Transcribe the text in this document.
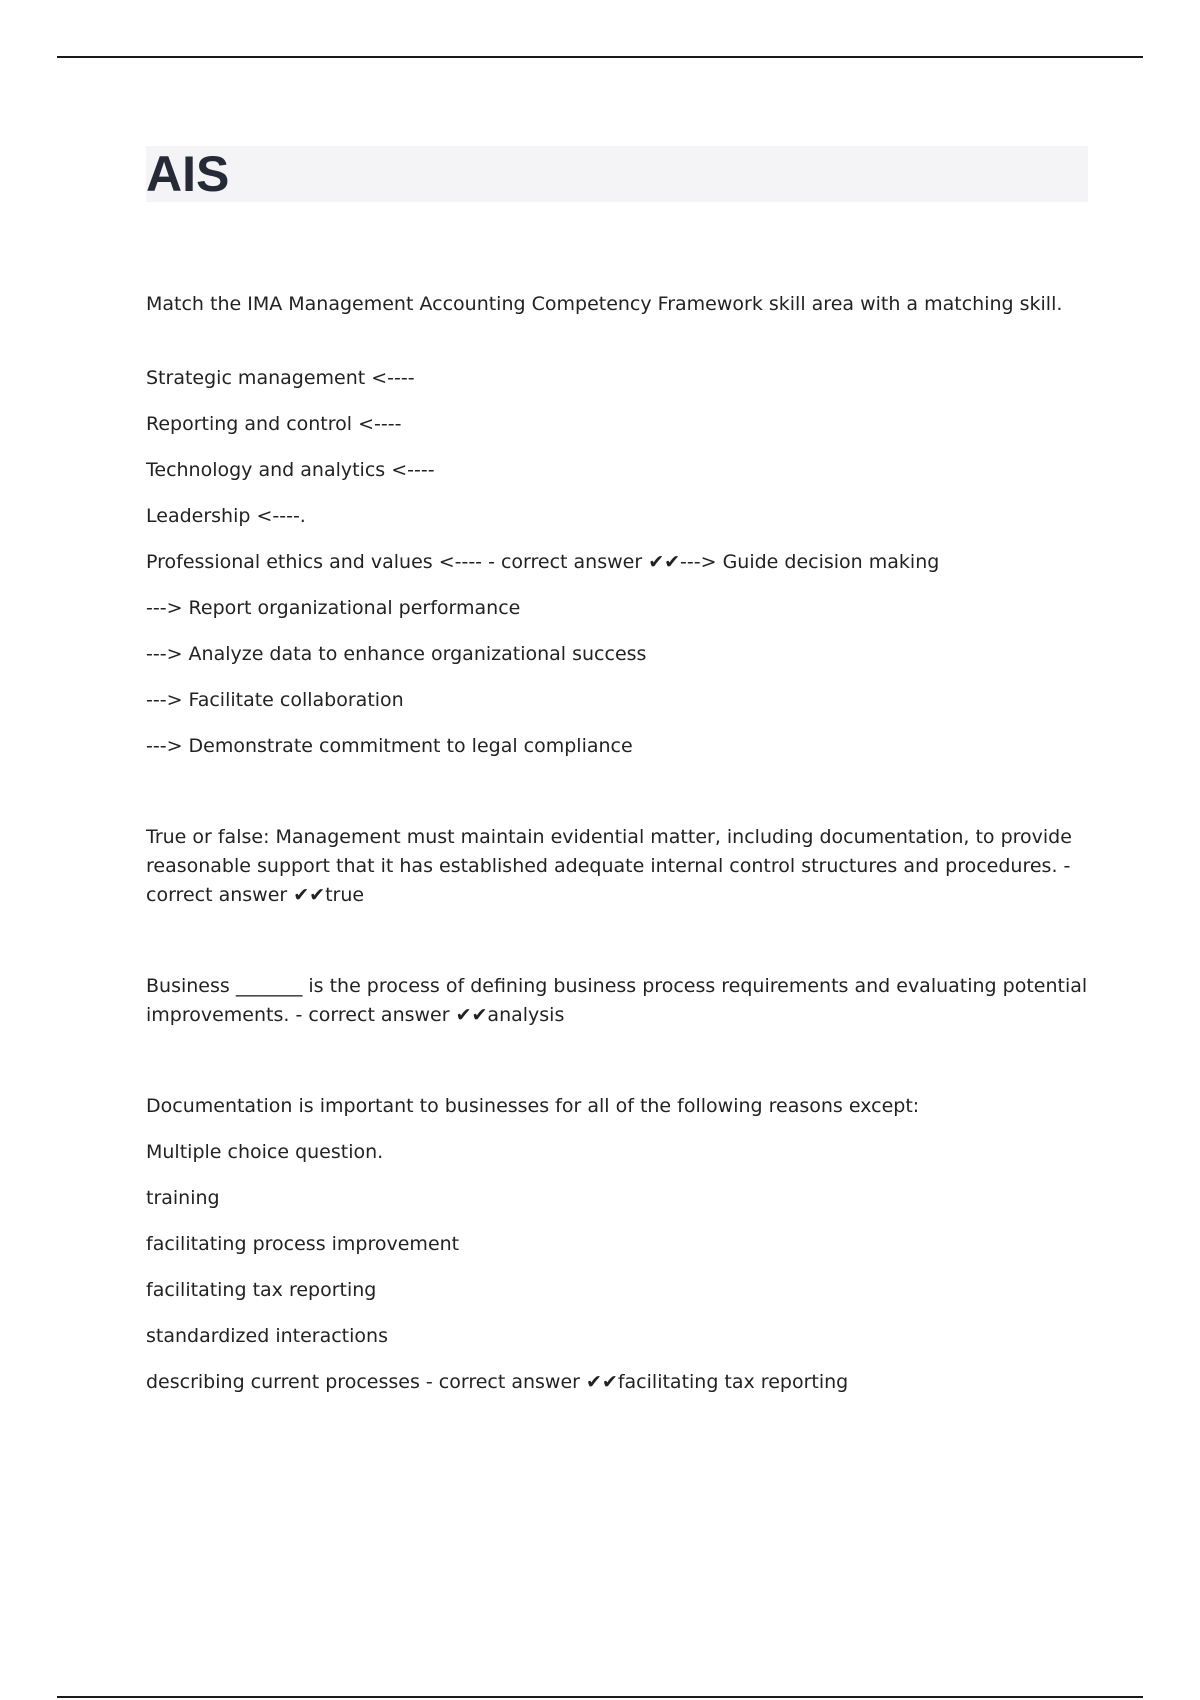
AIS

Match the IMA Management Accounting Competency Framework skill area with a matching skill.

Strategic management <----

Reporting and control <----

Technology and analytics <----

Leadership <----.

Professional ethics and values <---- - correct answer ✔✔---> Guide decision making

---> Report organizational performance

---> Analyze data to enhance organizational success

---> Facilitate collaboration

---> Demonstrate commitment to legal compliance

True or false: Management must maintain evidential matter, including documentation, to provide reasonable support that it has established adequate internal control structures and procedures. - correct answer ✔✔true

Business _______ is the process of defining business process requirements and evaluating potential improvements. - correct answer ✔✔analysis

Documentation is important to businesses for all of the following reasons except:

Multiple choice question.

training

facilitating process improvement

facilitating tax reporting

standardized interactions

describing current processes - correct answer ✔✔facilitating tax reporting
